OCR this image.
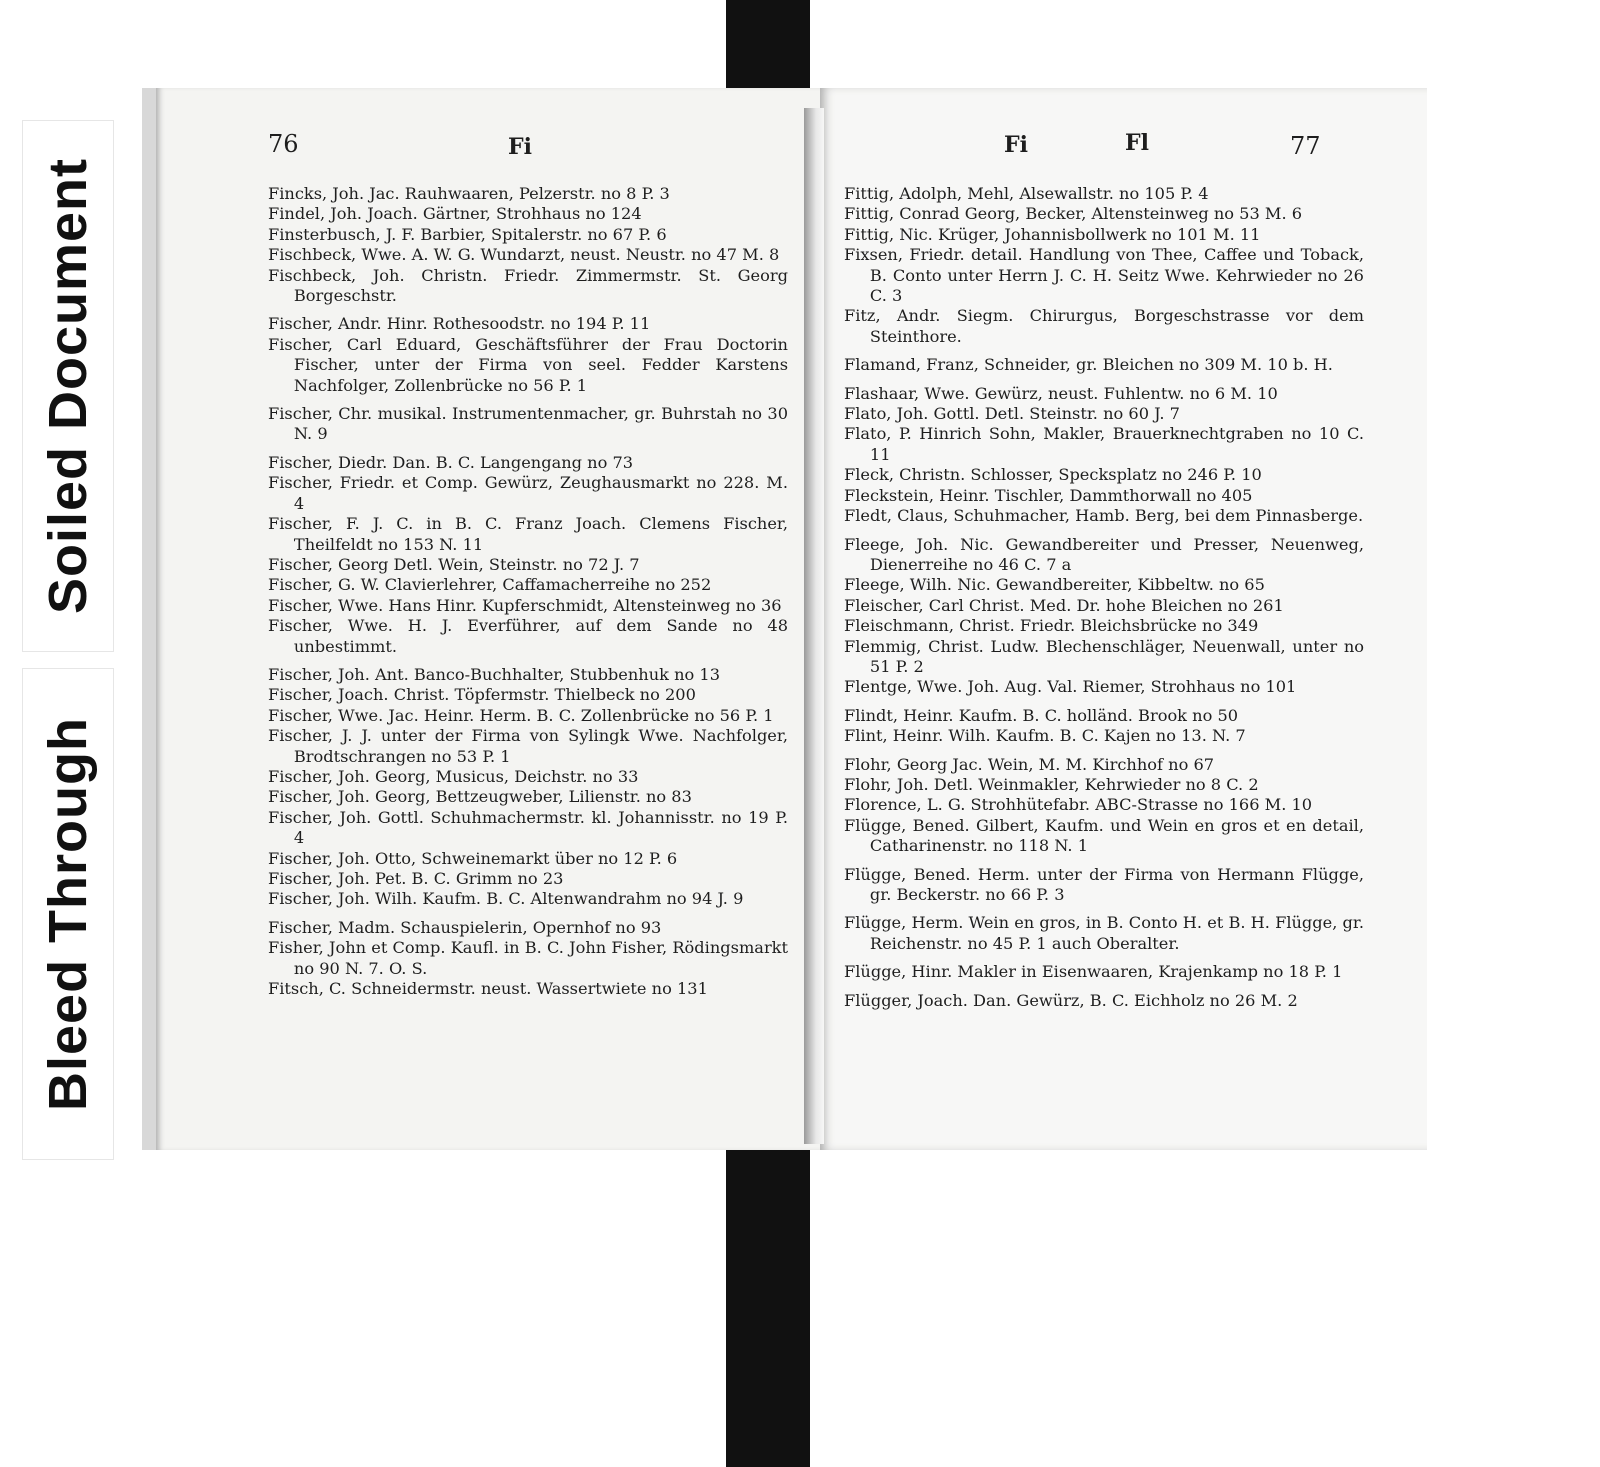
Soiled Document
Bleed Through
76	Fi
Fincks, Joh. Jac. Rauhwaaren, Pelzerstr. no 8 P. 3
Findel, Joh. Joach. Gärtner, Strohhaus no 124
Finsterbusch, J. F. Barbier, Spitalerstr. no 67 P. 6
Fischbeck, Wwe. A. W. G. Wundarzt, neust. Neustr. no 47 M. 8
Fischbeck, Joh. Christn. Friedr. Zimmermstr. St. Georg Borgeschstr.
Fischer, Andr. Hinr. Rothesoodstr. no 194 P. 11
Fischer, Carl Eduard, Geschäftsführer der Frau Doctorin Fischer, unter der Firma von seel. Fedder Karstens Nachfolger, Zollenbrücke no 56 P. 1
Fischer, Chr. musikal. Instrumentenmacher, gr. Buhrstah no 30 N. 9
Fischer, Diedr. Dan. B. C. Langengang no 73
Fischer, Friedr. et Comp. Gewürz, Zeughausmarkt no 228. M. 4
Fischer, F. J. C. in B. C. Franz Joach. Clemens Fischer, Theilfeldt no 153 N. 11
Fischer, Georg Detl. Wein, Steinstr. no 72 J. 7
Fischer, G. W. Clavierlehrer, Caffamacherreihe no 252
Fischer, Wwe. Hans Hinr. Kupferschmidt, Altensteinweg no 36
Fischer, Wwe. H. J. Everführer, auf dem Sande no 48 unbestimmt.
Fischer, Joh. Ant. Banco-Buchhalter, Stubbenhuk no 13
Fischer, Joach. Christ. Töpfermstr. Thielbeck no 200
Fischer, Wwe. Jac. Heinr. Herm. B. C. Zollenbrücke no 56 P. 1
Fischer, J. J. unter der Firma von Sylingk Wwe. Nachfolger, Brodtschrangen no 53 P. 1
Fischer, Joh. Georg, Musicus, Deichstr. no 33
Fischer, Joh. Georg, Bettzeugweber, Lilienstr. no 83
Fischer, Joh. Gottl. Schuhmachermstr. kl. Johannisstr. no 19 P. 4
Fischer, Joh. Otto, Schweinemarkt über no 12 P. 6
Fischer, Joh. Pet. B. C. Grimm no 23
Fischer, Joh. Wilh. Kaufm. B. C. Altenwandrahm no 94 J. 9
Fischer, Madm. Schauspielerin, Opernhof no 93
Fisher, John et Comp. Kaufl. in B. C. John Fisher, Rödingsmarkt no 90 N. 7. O. S.
Fitsch, C. Schneidermstr. neust. Wassertwiete no 131
Fi	Fl	77
Fittig, Adolph, Mehl, Alsewallstr. no 105 P. 4
Fittig, Conrad Georg, Becker, Altensteinweg no 53 M. 6
Fittig, Nic. Krüger, Johannisbollwerk no 101 M. 11
Fixsen, Friedr. detail. Handlung von Thee, Caffee und Toback, B. Conto unter Herrn J. C. H. Seitz Wwe. Kehrwieder no 26 C. 3
Fitz, Andr. Siegm. Chirurgus, Borgeschstrasse vor dem Steinthore.
Flamand, Franz, Schneider, gr. Bleichen no 309 M. 10 b. H.
Flashaar, Wwe. Gewürz, neust. Fuhlentw. no 6 M. 10
Flato, Joh. Gottl. Detl. Steinstr. no 60 J. 7
Flato, P. Hinrich Sohn, Makler, Brauerknechtgraben no 10 C. 11
Fleck, Christn. Schlosser, Specksplatz no 246 P. 10
Fleckstein, Heinr. Tischler, Dammthorwall no 405
Fledt, Claus, Schuhmacher, Hamb. Berg, bei dem Pinnasberge.
Fleege, Joh. Nic. Gewandbereiter und Presser, Neuenweg, Dienerreihe no 46 C. 7 a
Fleege, Wilh. Nic. Gewandbereiter, Kibbeltw. no 65
Fleischer, Carl Christ. Med. Dr. hohe Bleichen no 261
Fleischmann, Christ. Friedr. Bleichsbrücke no 349
Flemmig, Christ. Ludw. Blechenschläger, Neuenwall, unter no 51 P. 2
Flentge, Wwe. Joh. Aug. Val. Riemer, Strohhaus no 101
Flindt, Heinr. Kaufm. B. C. holländ. Brook no 50
Flint, Heinr. Wilh. Kaufm. B. C. Kajen no 13. N. 7
Flohr, Georg Jac. Wein, M. M. Kirchhof no 67
Flohr, Joh. Detl. Weinmakler, Kehrwieder no 8 C. 2
Florence, L. G. Strohhütefabr. ABC-Strasse no 166 M. 10
Flügge, Bened. Gilbert, Kaufm. und Wein en gros et en detail, Catharinenstr. no 118 N. 1
Flügge, Bened. Herm. unter der Firma von Hermann Flügge, gr. Beckerstr. no 66 P. 3
Flügge, Herm. Wein en gros, in B. Conto H. et B. H. Flügge, gr. Reichenstr. no 45 P. 1 auch Oberalter.
Flügge, Hinr. Makler in Eisenwaaren, Krajenkamp no 18 P. 1
Flügger, Joach. Dan. Gewürz, B. C. Eichholz no 26 M. 2
